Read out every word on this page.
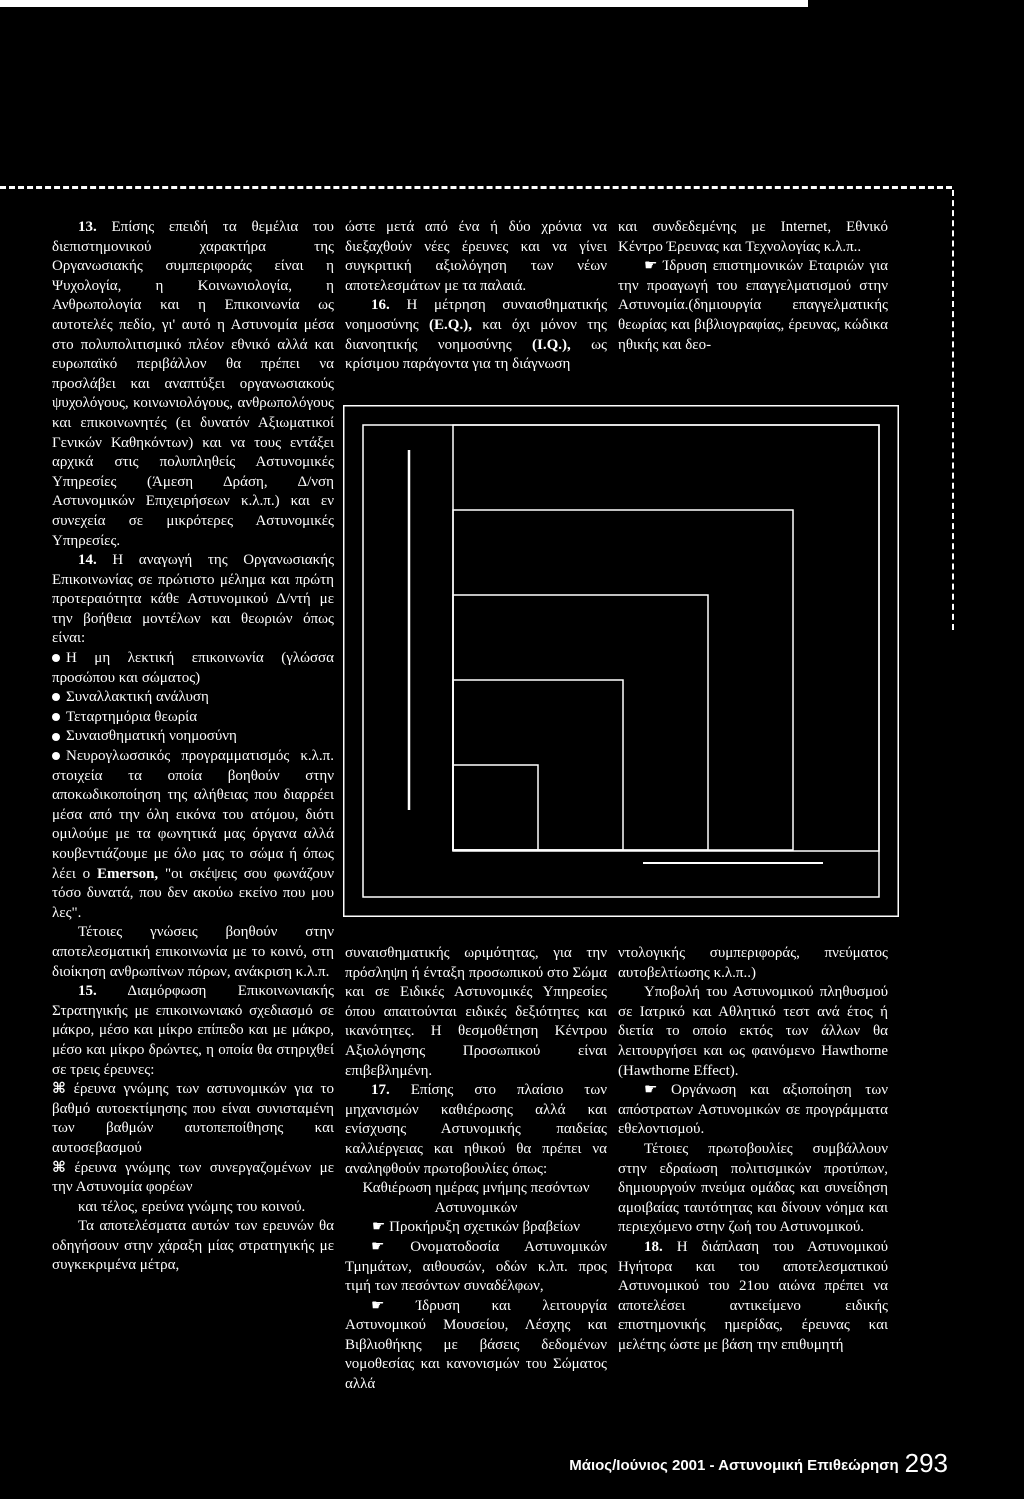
13. Επίσης επειδή τα θεμέλια του διεπιστημονικού χαρακτήρα της Οργανωσιακής συμπεριφοράς είναι η Ψυχολογία, η Κοινωνιολογία, η Ανθρωπολογία και η Επικοινωνία ως αυτοτελές πεδίο, γι' αυτό η Αστυνομία μέσα στο πολυπολιτισμικό πλέον εθνικό αλλά και ευρωπαϊκό περιβάλλον θα πρέπει να προσλάβει και αναπτύξει οργανωσιακούς ψυχολόγους, κοινωνιολόγους, ανθρωπολόγους και επικοινωνητές (ει δυνατόν Αξιωματικοί Γενικών Καθηκόντων) και να τους εντάξει αρχικά στις πολυπληθείς Αστυνομικές Υπηρεσίες (Άμεση Δράση, Δ/νση Αστυνομικών Επιχειρήσεων κ.λ.π.) και εν συνεχεία σε μικρότερες Αστυνομικές Υπηρεσίες.

14. Η αναγωγή της Οργανωσιακής Επικοινωνίας σε πρώτιστο μέλημα και πρώτη προτεραιότητα κάθε Αστυνομικού Δ/ντή με την βοήθεια μοντέλων και θεωριών όπως είναι:

Η μη λεκτική επικοινωνία (γλώσσα προσώπου και σώματος)

Συναλλακτική ανάλυση

Τεταρτημόρια θεωρία

Συναισθηματική νοημοσύνη

Νευρογλωσσικός προγραμματισμός κ.λ.π. στοιχεία τα οποία βοηθούν στην αποκωδικοποίηση της αλήθειας που διαρρέει μέσα από την όλη εικόνα του ατόμου, διότι ομιλούμε με τα φωνητικά μας όργανα αλλά κουβεντιάζουμε με όλο μας το σώμα ή όπως λέει ο Emerson, "οι σκέψεις σου φωνάζουν τόσο δυνατά, που δεν ακούω εκείνο που μου λες".

Τέτοιες γνώσεις βοηθούν στην αποτελεσματική επικοινωνία με το κοινό, στη διοίκηση ανθρωπίνων πόρων, ανάκριση κ.λ.π.

15. Διαμόρφωση Επικοινωνιακής Στρατηγικής με επικοινωνιακό σχεδιασμό σε μάκρο, μέσο και μίκρο επίπεδο και με μάκρο, μέσο και μίκρο δρώντες, η οποία θα στηριχθεί σε τρεις έρευνες:

⌘ έρευνα γνώμης των αστυνομικών για το βαθμό αυτοεκτίμησης που είναι συνισταμένη των βαθμών αυτοπεποίθησης και αυτοσεβασμού

⌘ έρευνα γνώμης των συνεργαζομένων με την Αστυνομία φορέων

και τέλος, ερεύνα γνώμης του κοινού.

Τα αποτελέσματα αυτών των ερευνών θα οδηγήσουν στην χάραξη μίας στρατηγικής με συγκεκριμένα μέτρα,

ώστε μετά από ένα ή δύο χρόνια να διεξαχθούν νέες έρευνες και να γίνει συγκριτική αξιολόγηση των νέων αποτελεσμάτων με τα παλαιά.

16. Η μέτρηση συναισθηματικής νοημοσύνης (E.Q.), και όχι μόνον της διανοητικής νοημοσύνης (I.Q.), ως κρίσιμου παράγοντα για τη διάγνωση

και συνδεδεμένης με Internet, Εθνικό Κέντρο Έρευνας και Τεχνολογίας κ.λ.π..

☛ Ίδρυση επιστημονικών Εταιριών για την προαγωγή του επαγγελματισμού στην Αστυνομία.(δημιουργία επαγγελματικής θεωρίας και βιβλιογραφίας, έρευνας, κώδικα ηθικής και δεο-

συναισθηματικής ωριμότητας, για την πρόσληψη ή ένταξη προσωπικού στο Σώμα και σε Ειδικές Αστυνομικές Υπηρεσίες όπου απαιτούνται ειδικές δεξιότητες και ικανότητες. Η θεσμοθέτηση Κέντρου Αξιολόγησης Προσωπικού είναι επιβεβλημένη.

17. Επίσης στο πλαίσιο των μηχανισμών καθιέρωσης αλλά και ενίσχυσης Αστυνομικής παιδείας καλλιέργειας και ηθικού θα πρέπει να αναληφθούν πρωτοβουλίες όπως:

Καθιέρωση ημέρας μνήμης πεσόντων Αστυνομικών

☛ Προκήρυξη σχετικών βραβείων

☛ Ονοματοδοσία Αστυνομικών Τμημάτων, αιθουσών, οδών κ.λπ. προς τιμή των πεσόντων συναδέλφων,

☛ Ίδρυση και λειτουργία Αστυνομικού Μουσείου, Λέσχης και Βιβλιοθήκης με βάσεις δεδομένων νομοθεσίας και κανονισμών του Σώματος αλλά

ντολογικής συμπεριφοράς, πνεύματος αυτοβελτίωσης κ.λ.π..)

Υποβολή του Αστυνομικού πληθυσμού σε Ιατρικό και Αθλητικό τεστ ανά έτος ή διετία το οποίο εκτός των άλλων θα λειτουργήσει και ως φαινόμενο Hawthorne (Hawthorne Effect).

☛ Οργάνωση και αξιοποίηση των απόστρατων Αστυνομικών σε προγράμματα εθελοντισμού.

Τέτοιες πρωτοβουλίες συμβάλλουν στην εδραίωση πολιτισμικών προτύπων, δημιουργούν πνεύμα ομάδας και συνείδηση αμοιβαίας ταυτότητας και δίνουν νόημα και περιεχόμενο στην ζωή του Αστυνομικού.

18. Η διάπλαση του Αστυνομικού Ηγήτορα και του αποτελεσματικού Αστυνομικού του 21ου αιώνα πρέπει να αποτελέσει αντικείμενο ειδικής επιστημονικής ημερίδας, έρευνας και μελέτης ώστε με βάση την επιθυμητή

Μάιος/Ιούνιος 2001 - Αστυνομική Επιθεώρηση 293
